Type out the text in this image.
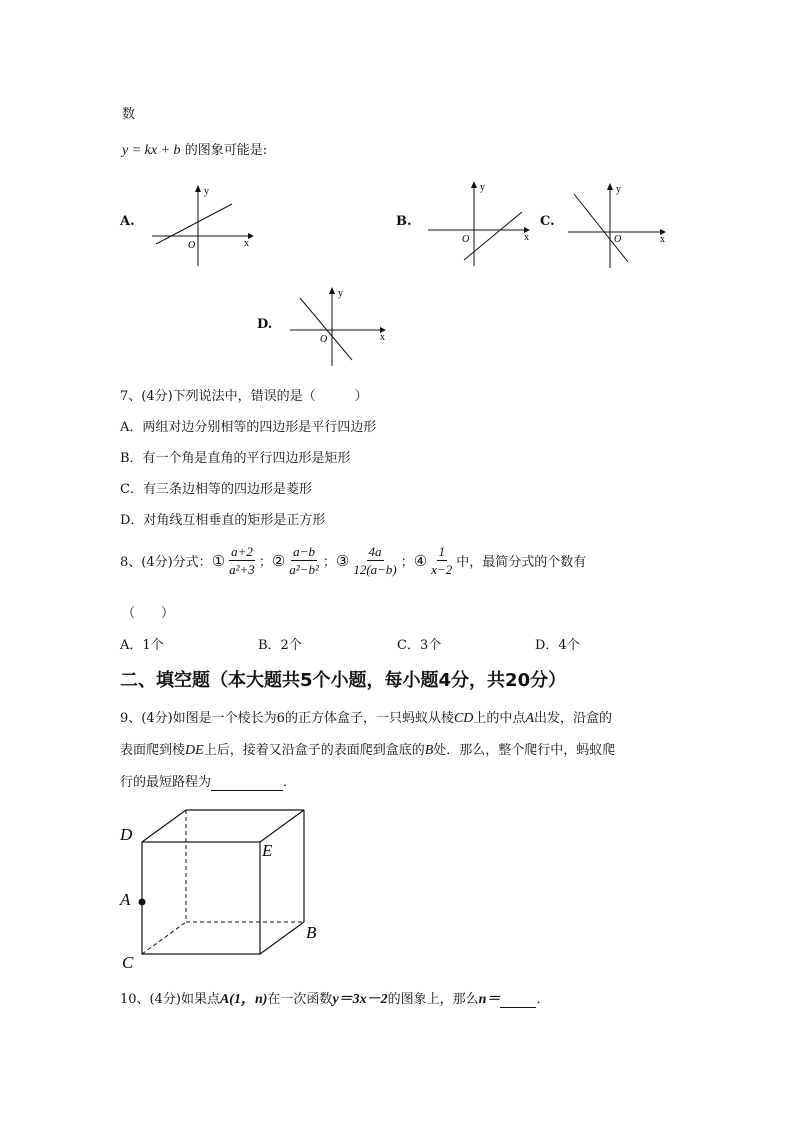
数
y = kx + b 的图象可能是:
A.
y
x
O
B.
y
x
O
C.
y
x
O
D.
y
x
O
7、(4分)下列说法中，错误的是（　　　）
A．两组对边分别相等的四边形是平行四边形
B．有一个角是直角的平行四边形是矩形
C．有三条边相等的四边形是菱形
D．对角线互相垂直的矩形是正方形
8、(4分)分式： ① $\frac{a+2}{\text{a²+3}}$ ； ② $\frac{a-b}{\text{a²−b²}}$ ； ③ $\frac{4a}{12(a-b)}$ ； ④ $\frac{1}{x-2}$ 中，最简分式的个数有
（　　）
A．1个	B．2个	C．3个	D．4个
二、填空题（本大题共5个小题，每小题4分，共20分）
9、(4分)如图是一个棱长为6的正方体盒子，一只蚂蚁从棱CD上的中点A出发，沿盒的
表面爬到棱DE上后，接着又沿盒子的表面爬到盒底的B处．那么，整个爬行中，蚂蚁爬
行的最短路程为	．
D
E
A
C
B
10、(4分)如果点A(1，n)在一次函数y＝3x－2的图象上，那么n＝	．
